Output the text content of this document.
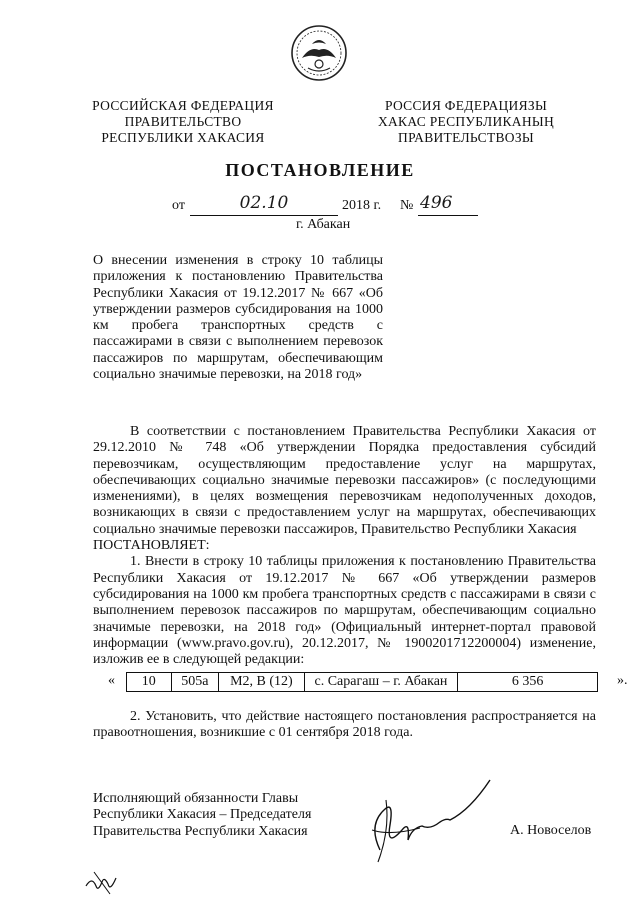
РОССИЙСКАЯ ФЕДЕРАЦИЯ
ПРАВИТЕЛЬСТВО
РЕСПУБЛИКИ ХАКАСИЯ
РОССИЯ ФЕДЕРАЦИЯЗЫ
ХАКАС РЕСПУБЛИКАНЫҢ
ПРАВИТЕЛЬСТВОЗЫ
ПОСТАНОВЛЕНИЕ
от	02.10	2018 г. № 496
г. Абакан
О внесении изменения в строку 10 таблицы приложения к постановлению Правительства Республики Хакасия от 19.12.2017 № 667 «Об утверждении размеров субсидирования на 1000 км пробега транспортных средств с пассажирами в связи с выполнением перевозок пассажиров по маршрутам, обеспечивающим социально значимые перевозки, на 2018 год»

В соответствии с постановлением Правительства Республики Хакасия от 29.12.2010 № 748 «Об утверждении Порядка предоставления субсидий перевозчикам, осуществляющим предоставление услуг на маршрутах, обеспечивающих социально значимые перевозки пассажиров» (с последующими изменениями), в целях возмещения перевозчикам недополученных доходов, возникающих в связи с предоставлением услуг на маршрутах, обеспечивающих социально значимые перевозки пассажиров, Правительство Республики Хакасия

ПОСТАНОВЛЯЕТ:

1. Внести в строку 10 таблицы приложения к постановлению Правительства Республики Хакасия от 19.12.2017 № 667 «Об утверждении размеров субсидирования на 1000 км пробега транспортных средств с пассажирами в связи с выполнением перевозок пассажиров по маршрутам, обеспечивающим социально значимые перевозки, на 2018 год» (Официальный интернет-портал правовой информации (www.pravo.gov.ru), 20.12.2017, № 1900201712200004) изменение, изложив ее в следующей редакции:

« 10	505а	М2, В (12)	с. Сарагаш – г. Абакан	6 356	».

2. Установить, что действие настоящего постановления распространяется на правоотношения, возникшие с 01 сентября 2018 года.

Исполняющий обязанности Главы
Республики Хакасия – Председателя
Правительства Республики Хакасия	А. Новоселов
